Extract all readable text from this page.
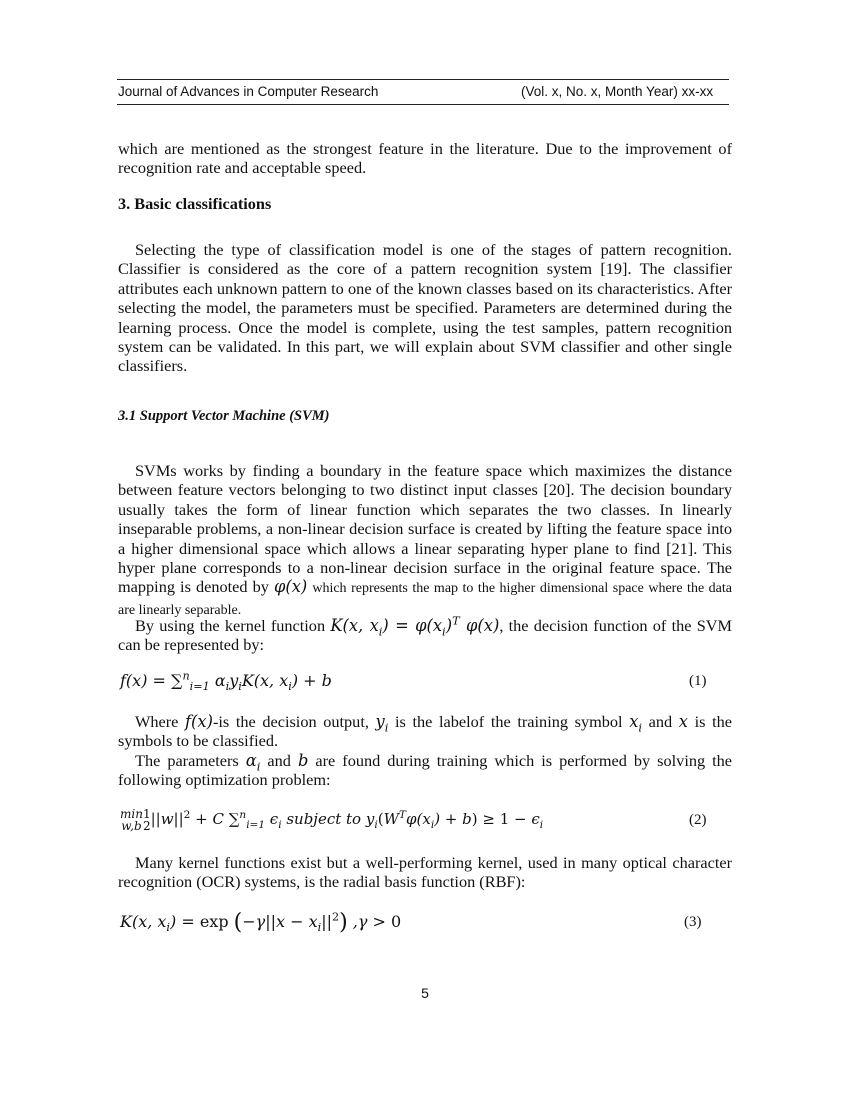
Journal of Advances in Computer Research	(Vol. x, No. x, Month Year) xx-xx

which are mentioned as the strongest feature in the literature. Due to the improvement of recognition rate and acceptable speed.

3. Basic classifications

Selecting the type of classification model is one of the stages of pattern recognition. Classifier is considered as the core of a pattern recognition system [19]. The classifier attributes each unknown pattern to one of the known classes based on its characteristics. After selecting the model, the parameters must be specified. Parameters are determined during the learning process. Once the model is complete, using the test samples, pattern recognition system can be validated. In this part, we will explain about SVM classifier and other single classifiers.

3.1 Support Vector Machine (SVM)

SVMs works by finding a boundary in the feature space which maximizes the distance between feature vectors belonging to two distinct input classes [20]. The decision boundary usually takes the form of linear function which separates the two classes. In linearly inseparable problems, a non-linear decision surface is created by lifting the feature space into a higher dimensional space which allows a linear separating hyper plane to find [21]. This hyper plane corresponds to a non-linear decision surface in the original feature space. The mapping is denoted by φ(x) which represents the map to the higher dimensional space where the data are linearly separable.

By using the kernel function K(x, $x_i) = \varphi(x_i)^T$ φ(x), the decision function of the SVM can be represented by:

f(x) = ∑$^n_{i=1}$ $\alpha_iy_iK(x$, $x_i) + b$	(1)

Where f(x)-is the decision output, $y_i$ is the labelof the training symbol $x_i$ and x is the symbols to be classified.

The parameters $\alpha_i$ and b are found during training which is performed by solving the following optimization problem:

min
w,b
1
2 $||w||^2 + C$ ∑$^n_{i=1}$ $\epsilon_i$ subject to $y_i(W^T\varphi(x_i) + b) \ge 1 - \epsilon_i$	(2)

Many kernel functions exist but a well-performing kernel, used in many optical character recognition (OCR) systems, is the radial basis function (RBF):

K(x, $x_i) = \exp (-\gamma||x - x_i||^2)$ ,γ > 0	(3)
5
